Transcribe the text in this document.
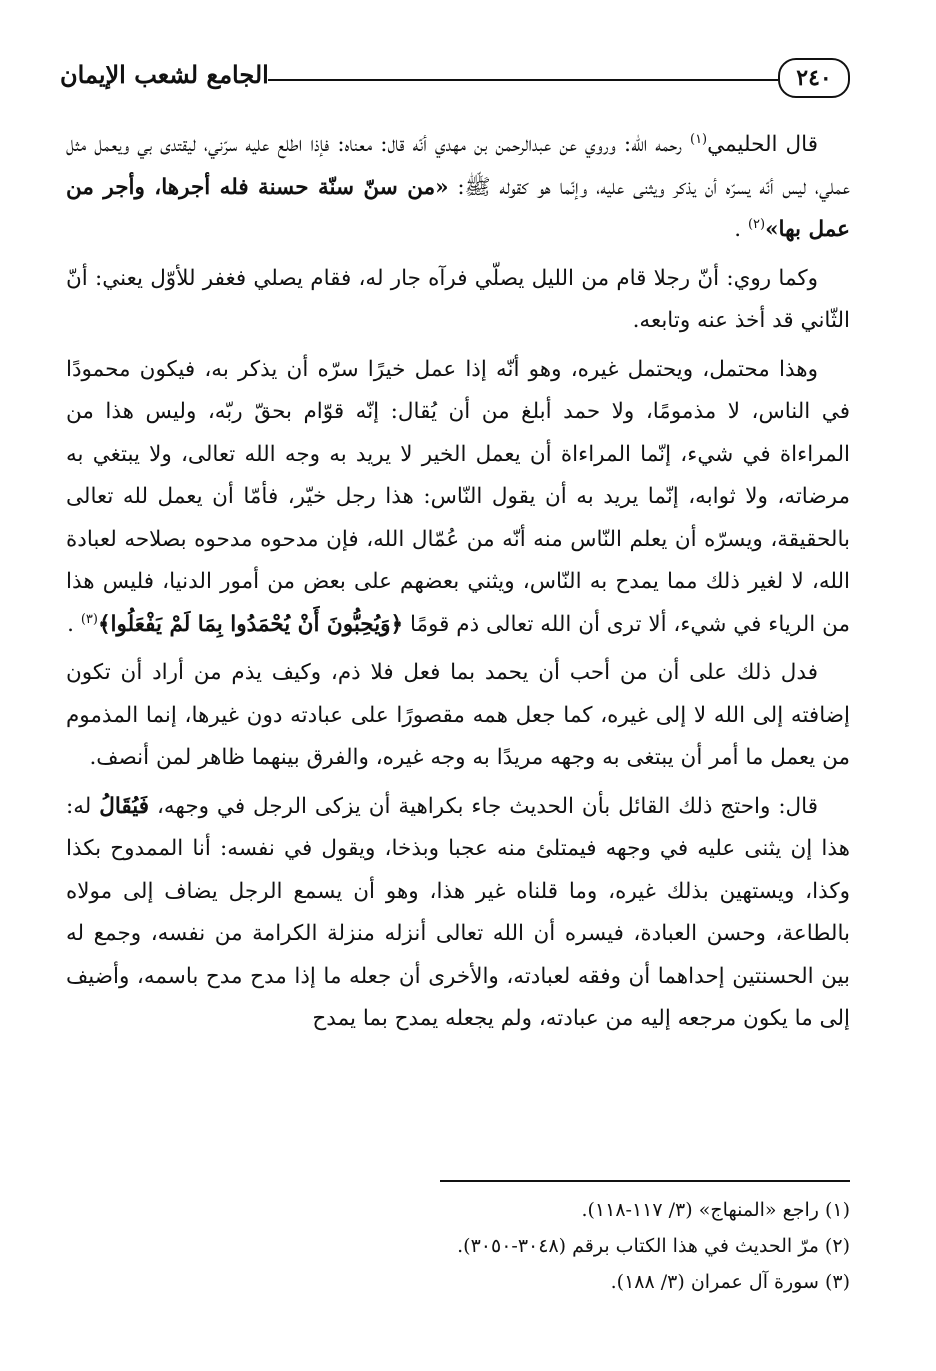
٢٤٠
الجامع لشعب الإيمان

قال الحليمي$^{(١)}$ رحمه الله: وروي عن عبدالرحمن بن مهدي أنّه قال: معناه: فإذا اطلع عليه سرّني، ليقتدى بي ويعمل مثل عملي، ليس أنّه يسرّه أن يذكر ويثنى عليه، وإنّما هو كقوله ﷺ: «من سنّ سنّة حسنة فله أجرها، وأجر من عمل بها»$^{(٢)}$ .

وكما روي: أنّ رجلا قام من الليل يصلّي فرآه جار له، فقام يصلي فغفر للأوّل يعني: أنّ الثّاني قد أخذ عنه وتابعه.

وهذا محتمل، ويحتمل غيره، وهو أنّه إذا عمل خيرًا سرّه أن يذكر به، فيكون محمودًا في الناس، لا مذمومًا، ولا حمد أبلغ من أن يُقال: إنّه قوّام بحقّ ربّه، وليس هذا من المراءاة في شيء، إنّما المراءاة أن يعمل الخير لا يريد به وجه الله تعالى، ولا يبتغي به مرضاته، ولا ثوابه، إنّما يريد به أن يقول النّاس: هذا رجل خيّر، فأمّا أن يعمل لله تعالى بالحقيقة، ويسرّه أن يعلم النّاس منه أنّه من عُمّال الله، فإن مدحوه مدحوه بصلاحه لعبادة الله، لا لغير ذلك مما يمدح به النّاس، ويثني بعضهم على بعض من أمور الدنيا، فليس هذا من الرياء في شيء، ألا ترى أن الله تعالى ذم قومًا ﴿وَيُحِبُّونَ أَنْ يُحْمَدُوا بِمَا لَمْ يَفْعَلُوا﴾$^{(٣)}$ .

فدل ذلك على أن من أحب أن يحمد بما فعل فلا ذم، وكيف يذم من أراد أن تكون إضافته إلى الله لا إلى غيره، كما جعل همه مقصورًا على عبادته دون غيرها، إنما المذموم من يعمل ما أمر أن يبتغى به وجهه مريدًا به وجه غيره، والفرق بينهما ظاهر لمن أنصف.

قال: واحتج ذلك القائل بأن الحديث جاء بكراهية أن يزكى الرجل في وجهه، فَيُقَالُ له: هذا إن يثنى عليه في وجهه فيمتلئ منه عجبا وبذخا، ويقول في نفسه: أنا الممدوح بكذا وكذا، ويستهين بذلك غيره، وما قلناه غير هذا، وهو أن يسمع الرجل يضاف إلى مولاه بالطاعة، وحسن العبادة، فيسره أن الله تعالى أنزله منزلة الكرامة من نفسه، وجمع له بين الحسنتين إحداهما أن وفقه لعبادته، والأخرى أن جعله ما إذا مدح مدح باسمه، وأضيف إلى ما يكون مرجعه إليه من عبادته، ولم يجعله يمدح بما يمدح

(١) راجع «المنهاج» (٣/ ١١٧-١١٨).

(٢) مرّ الحديث في هذا الكتاب برقم (٣٠٤٨-٣٠٥٠).

(٣) سورة آل عمران (٣/ ١٨٨).
